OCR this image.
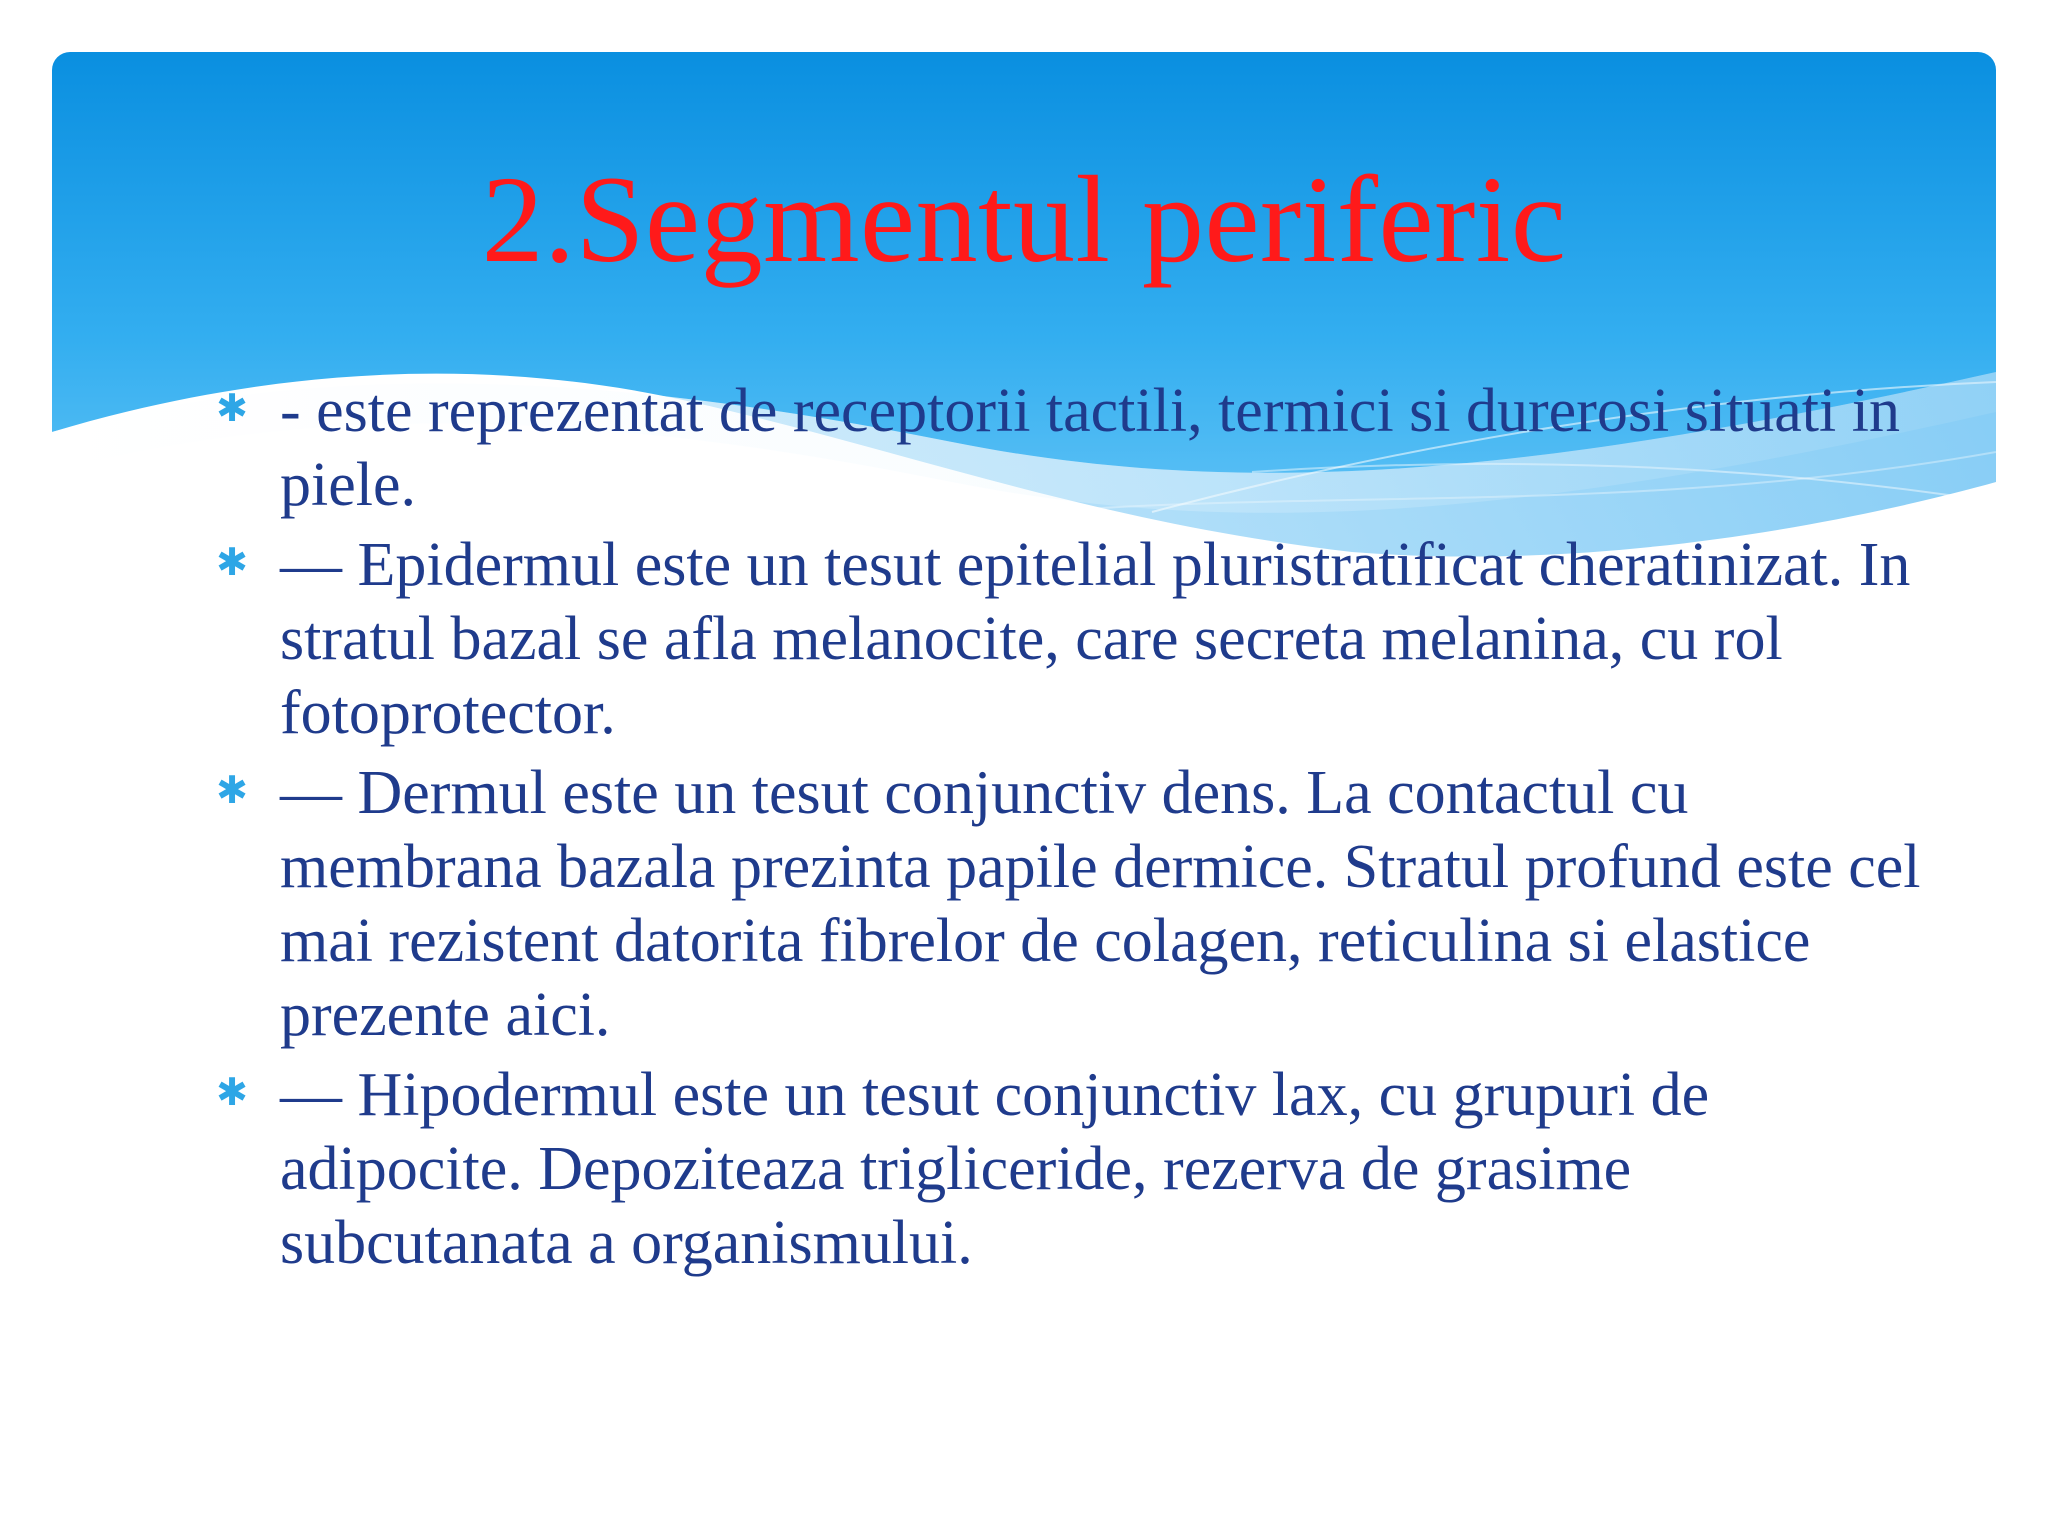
2.Segmentul periferic
✱ - este reprezentat de receptorii tactili, termici si durerosi situati in piele.
✱ — Epidermul este un tesut epitelial pluristratificat cheratinizat. In stratul bazal se afla melanocite, care secreta melanina, cu rol fotoprotector.
✱ — Dermul este un tesut conjunctiv dens. La contactul cu membrana bazala prezinta papile dermice. Stratul profund este cel mai rezistent datorita fibrelor de colagen, reticulina si elastice prezente aici.
✱ — Hipodermul este un tesut conjunctiv lax, cu grupuri de adipocite. Depoziteaza trigliceride, rezerva de grasime subcutanata a organismului.
